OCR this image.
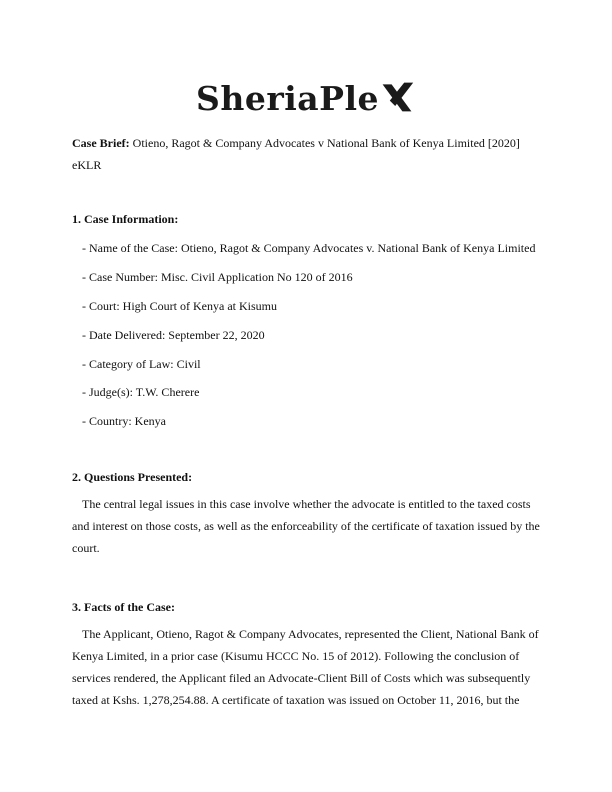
SheriaPle

Case Brief: Otieno, Ragot & Company Advocates v National Bank of Kenya Limited [2020] eKLR

1. Case Information:

- Name of the Case: Otieno, Ragot & Company Advocates v. National Bank of Kenya Limited
- Case Number: Misc. Civil Application No 120 of 2016
- Court: High Court of Kenya at Kisumu
- Date Delivered: September 22, 2020
- Category of Law: Civil
- Judge(s): T.W. Cherere
- Country: Kenya

2. Questions Presented:

The central legal issues in this case involve whether the advocate is entitled to the taxed costs and interest on those costs, as well as the enforceability of the certificate of taxation issued by the court.

3. Facts of the Case:

The Applicant, Otieno, Ragot & Company Advocates, represented the Client, National Bank of Kenya Limited, in a prior case (Kisumu HCCC No. 15 of 2012). Following the conclusion of services rendered, the Applicant filed an Advocate-Client Bill of Costs which was subsequently taxed at Kshs. 1,278,254.88. A certificate of taxation was issued on October 11, 2016, but the
